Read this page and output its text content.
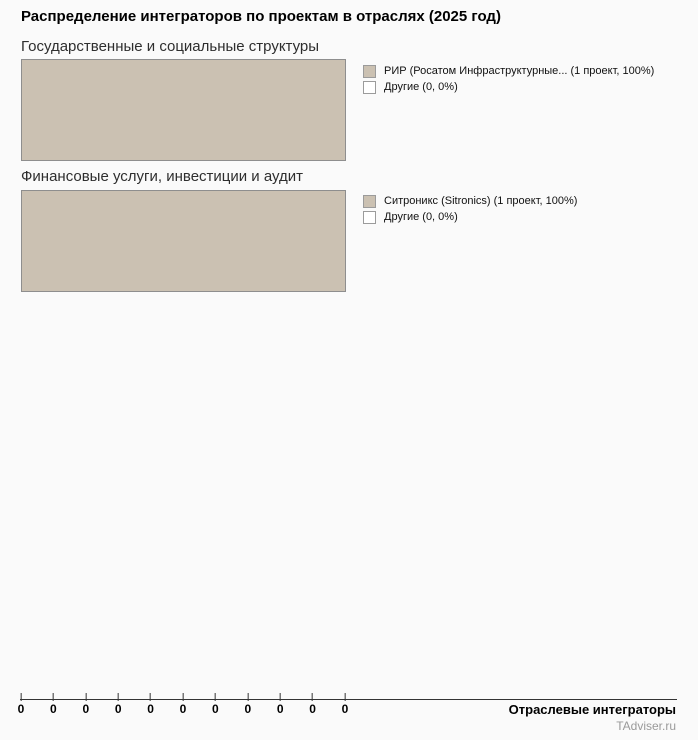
Распределение интеграторов по проектам в отраслях (2025 год)
Государственные и социальные структуры
РИР (Росатом Инфраструктурные... (1 проект, 100%)
Другие (0, 0%)
Финансовые услуги, инвестиции и аудит
Ситроникс (Sitronics) (1 проект, 100%)
Другие (0, 0%)
0 0 0 0 0 0 0 0 0 0 0	Отраслевые интеграторы
TAdviser.ru
